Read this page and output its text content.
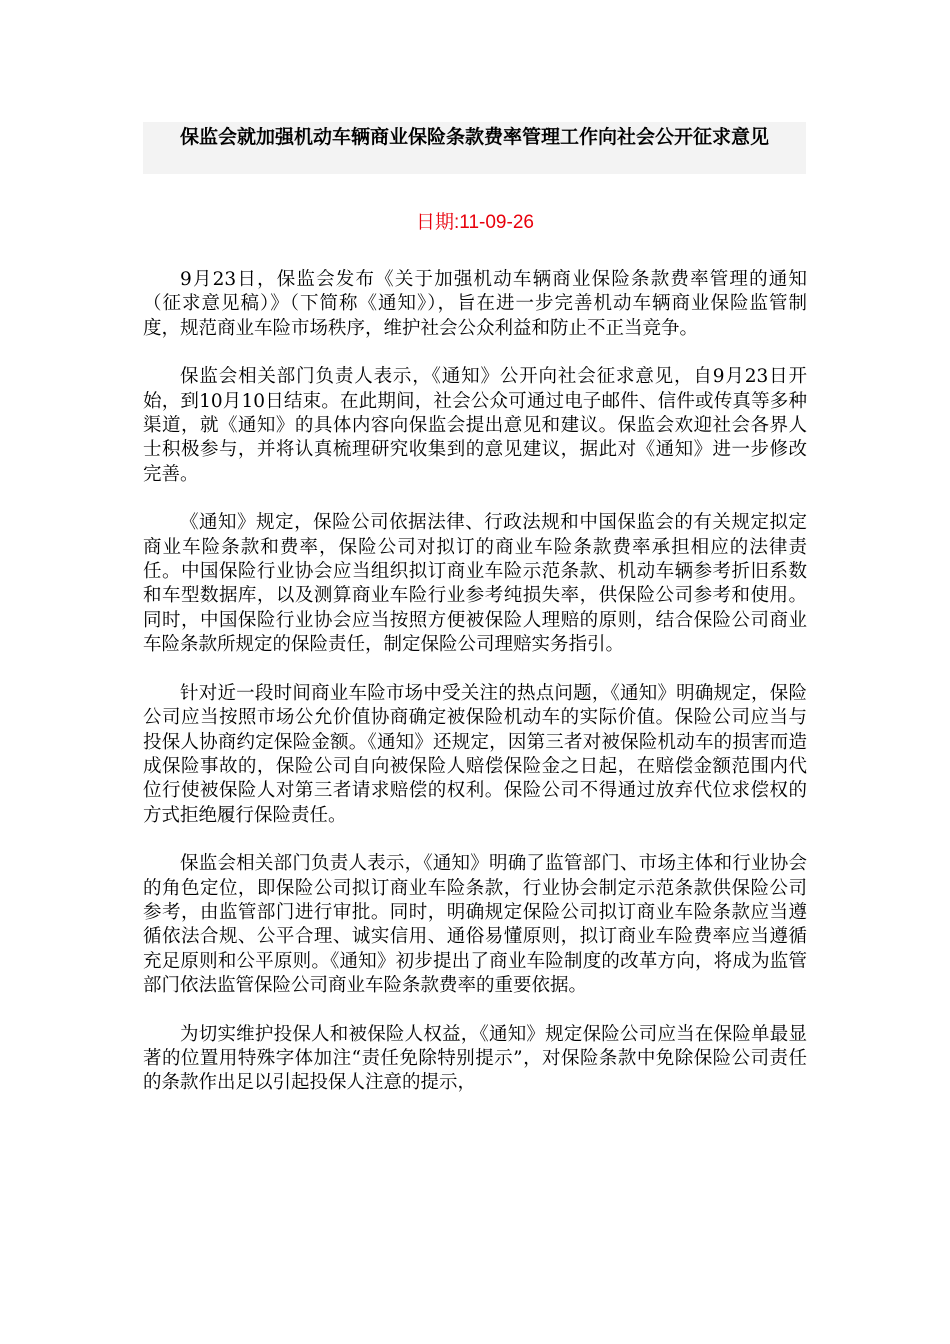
保监会就加强机动车辆商业保险条款费率管理工作向社会公开征求意见
日期:11-09-26

9月23日，保监会发布《关于加强机动车辆商业保险条款费率管理的通知（征求意见稿）》（下简称《通知》），旨在进一步完善机动车辆商业保险监管制度，规范商业车险市场秩序，维护社会公众利益和防止不正当竞争。

保监会相关部门负责人表示，《通知》公开向社会征求意见，自9月23日开始，到10月10日结束。在此期间，社会公众可通过电子邮件、信件或传真等多种渠道，就《通知》的具体内容向保监会提出意见和建议。保监会欢迎社会各界人士积极参与，并将认真梳理研究收集到的意见建议，据此对《通知》进一步修改完善。

《通知》规定，保险公司依据法律、行政法规和中国保监会的有关规定拟定商业车险条款和费率，保险公司对拟订的商业车险条款费率承担相应的法律责任。中国保险行业协会应当组织拟订商业车险示范条款、机动车辆参考折旧系数和车型数据库，以及测算商业车险行业参考纯损失率，供保险公司参考和使用。同时，中国保险行业协会应当按照方便被保险人理赔的原则，结合保险公司商业车险条款所规定的保险责任，制定保险公司理赔实务指引。

针对近一段时间商业车险市场中受关注的热点问题，《通知》明确规定，保险公司应当按照市场公允价值协商确定被保险机动车的实际价值。保险公司应当与投保人协商约定保险金额。《通知》还规定，因第三者对被保险机动车的损害而造成保险事故的，保险公司自向被保险人赔偿保险金之日起，在赔偿金额范围内代位行使被保险人对第三者请求赔偿的权利。保险公司不得通过放弃代位求偿权的方式拒绝履行保险责任。

保监会相关部门负责人表示，《通知》明确了监管部门、市场主体和行业协会的角色定位，即保险公司拟订商业车险条款，行业协会制定示范条款供保险公司参考，由监管部门进行审批。同时，明确规定保险公司拟订商业车险条款应当遵循依法合规、公平合理、诚实信用、通俗易懂原则，拟订商业车险费率应当遵循充足原则和公平原则。《通知》初步提出了商业车险制度的改革方向，将成为监管部门依法监管保险公司商业车险条款费率的重要依据。

为切实维护投保人和被保险人权益，《通知》规定保险公司应当在保险单最显著的位置用特殊字体加注“责任免除特别提示”，对保险条款中免除保险公司责任的条款作出足以引起投保人注意的提示，
